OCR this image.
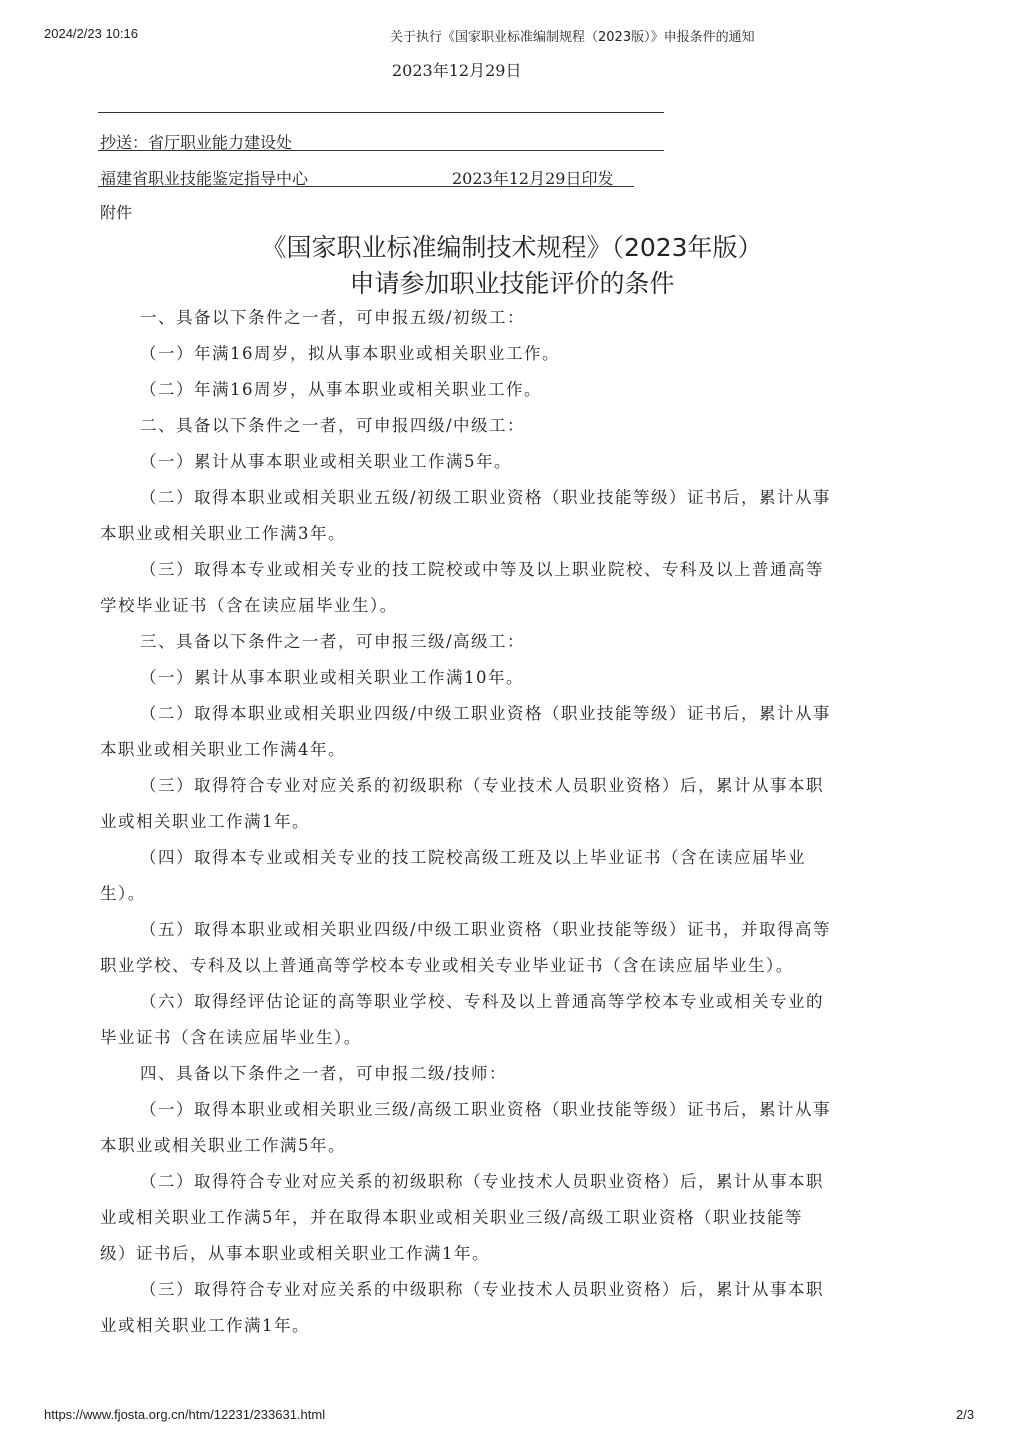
2024/2/23 10:16	关于执行《国家职业标准编制规程（2023版）》申报条件的通知
2023年12月29日
抄送：省厅职业能力建设处
福建省职业技能鉴定指导中心	2023年12月29日印发
附件
《国家职业标准编制技术规程》（2023年版）
申请参加职业技能评价的条件

一、具备以下条件之一者，可申报五级/初级工：

（一）年满16周岁，拟从事本职业或相关职业工作。

（二）年满16周岁，从事本职业或相关职业工作。

二、具备以下条件之一者，可申报四级/中级工：

（一）累计从事本职业或相关职业工作满5年。

（二）取得本职业或相关职业五级/初级工职业资格（职业技能等级）证书后，累计从事

本职业或相关职业工作满3年。

（三）取得本专业或相关专业的技工院校或中等及以上职业院校、专科及以上普通高等

学校毕业证书（含在读应届毕业生）。

三、具备以下条件之一者，可申报三级/高级工：

（一）累计从事本职业或相关职业工作满10年。

（二）取得本职业或相关职业四级/中级工职业资格（职业技能等级）证书后，累计从事

本职业或相关职业工作满4年。

（三）取得符合专业对应关系的初级职称（专业技术人员职业资格）后，累计从事本职

业或相关职业工作满1年。

（四）取得本专业或相关专业的技工院校高级工班及以上毕业证书（含在读应届毕业

生）。

（五）取得本职业或相关职业四级/中级工职业资格（职业技能等级）证书，并取得高等

职业学校、专科及以上普通高等学校本专业或相关专业毕业证书（含在读应届毕业生）。

（六）取得经评估论证的高等职业学校、专科及以上普通高等学校本专业或相关专业的

毕业证书（含在读应届毕业生）。

四、具备以下条件之一者，可申报二级/技师：

（一）取得本职业或相关职业三级/高级工职业资格（职业技能等级）证书后，累计从事

本职业或相关职业工作满5年。

（二）取得符合专业对应关系的初级职称（专业技术人员职业资格）后，累计从事本职

业或相关职业工作满5年，并在取得本职业或相关职业三级/高级工职业资格（职业技能等

级）证书后，从事本职业或相关职业工作满1年。

（三）取得符合专业对应关系的中级职称（专业技术人员职业资格）后，累计从事本职

业或相关职业工作满1年。

https://www.fjosta.org.cn/htm/12231/233631.html	2/3
